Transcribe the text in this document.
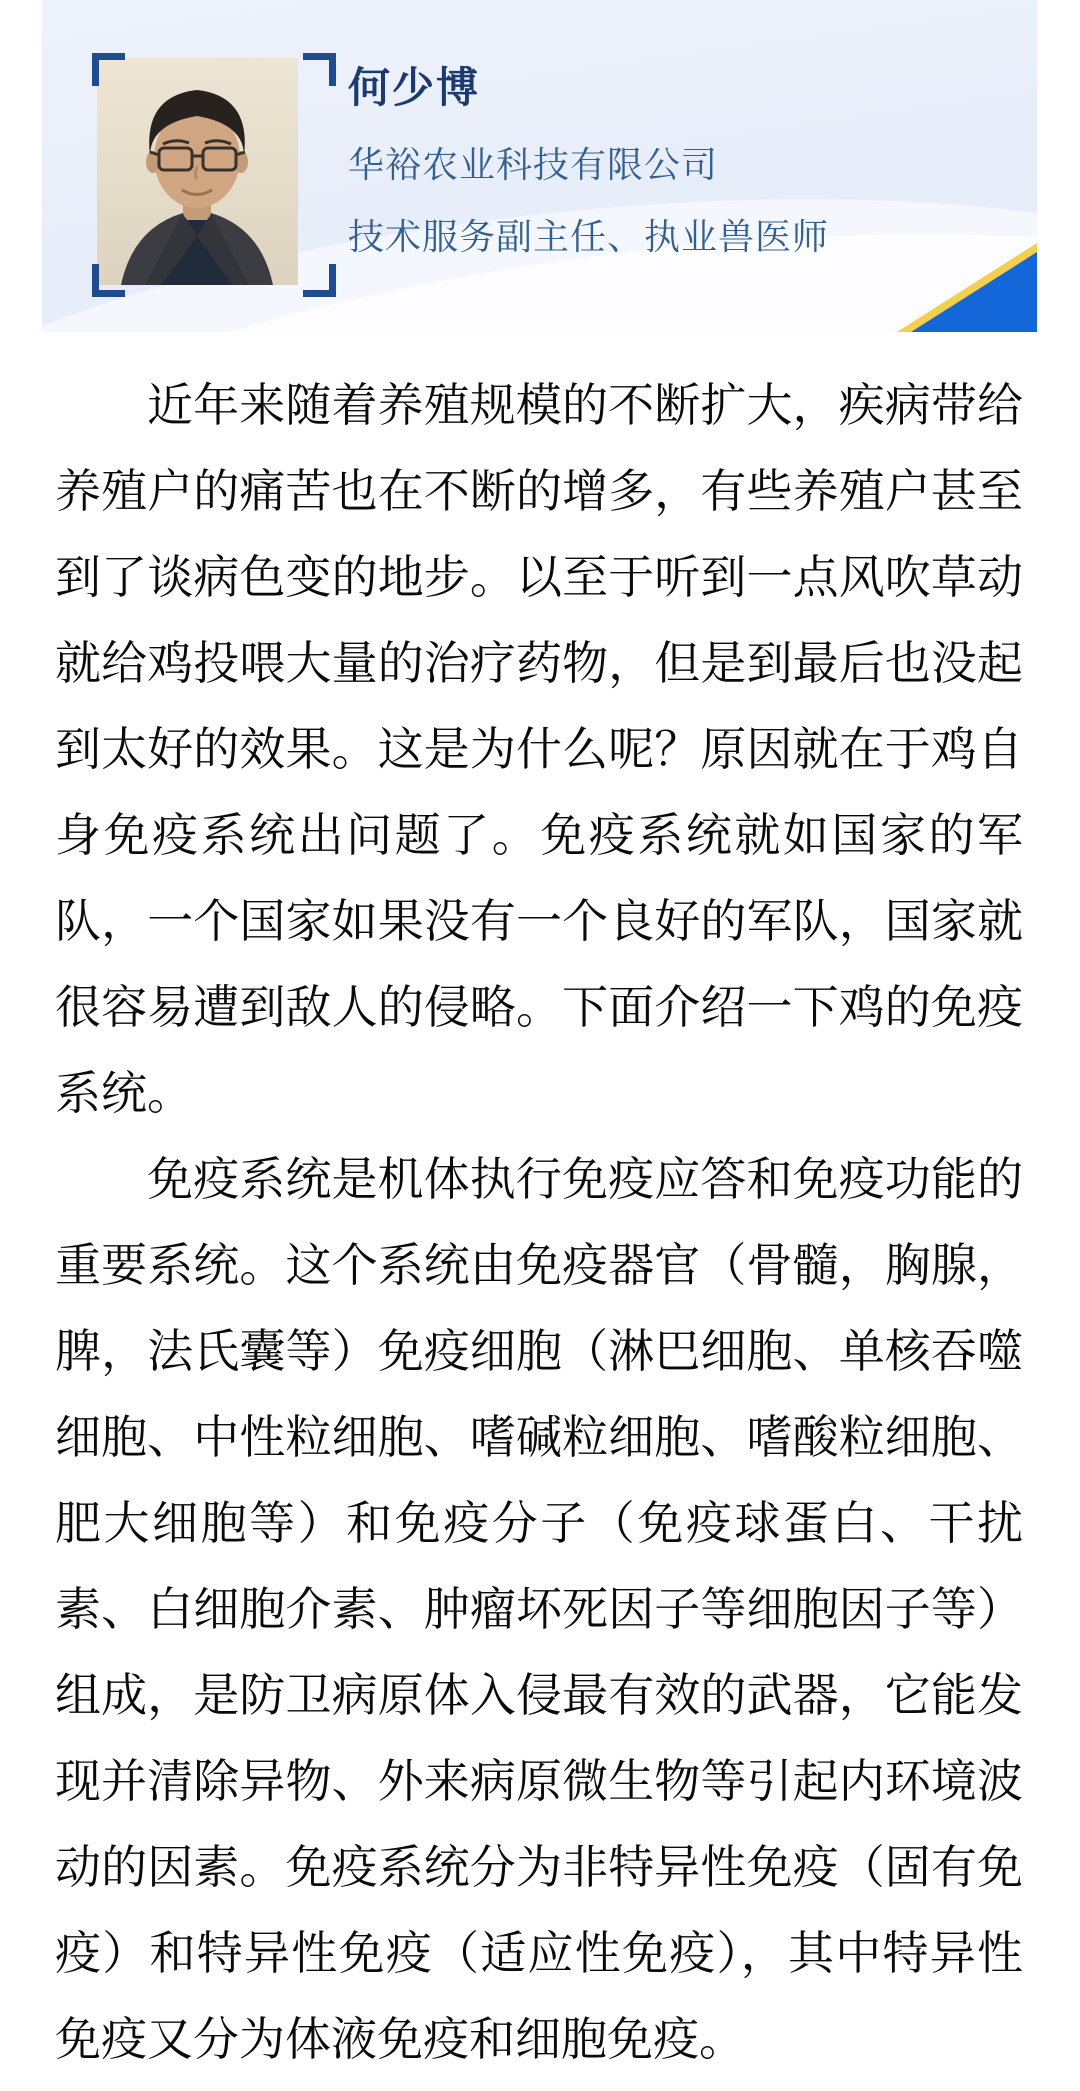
何少博
华裕农业科技有限公司
技术服务副主任、执业兽医师

近年来随着养殖规模的不断扩大，疾病带给养殖户的痛苦也在不断的增多，有些养殖户甚至到了谈病色变的地步。以至于听到一点风吹草动就给鸡投喂大量的治疗药物，但是到最后也没起到太好的效果。这是为什么呢？原因就在于鸡自身免疫系统出问题了。免疫系统就如国家的军队，一个国家如果没有一个良好的军队，国家就很容易遭到敌人的侵略。下面介绍一下鸡的免疫系统。

免疫系统是机体执行免疫应答和免疫功能的重要系统。这个系统由免疫器官（骨髓，胸腺，脾，法氏囊等）免疫细胞（淋巴细胞、单核吞噬细胞、中性粒细胞、嗜碱粒细胞、嗜酸粒细胞、肥大细胞等）和免疫分子（免疫球蛋白、干扰素、白细胞介素、肿瘤坏死因子等细胞因子等）组成，是防卫病原体入侵最有效的武器，它能发现并清除异物、外来病原微生物等引起内环境波动的因素。免疫系统分为非特异性免疫（固有免疫）和特异性免疫（适应性免疫），其中特异性免疫又分为体液免疫和细胞免疫。
